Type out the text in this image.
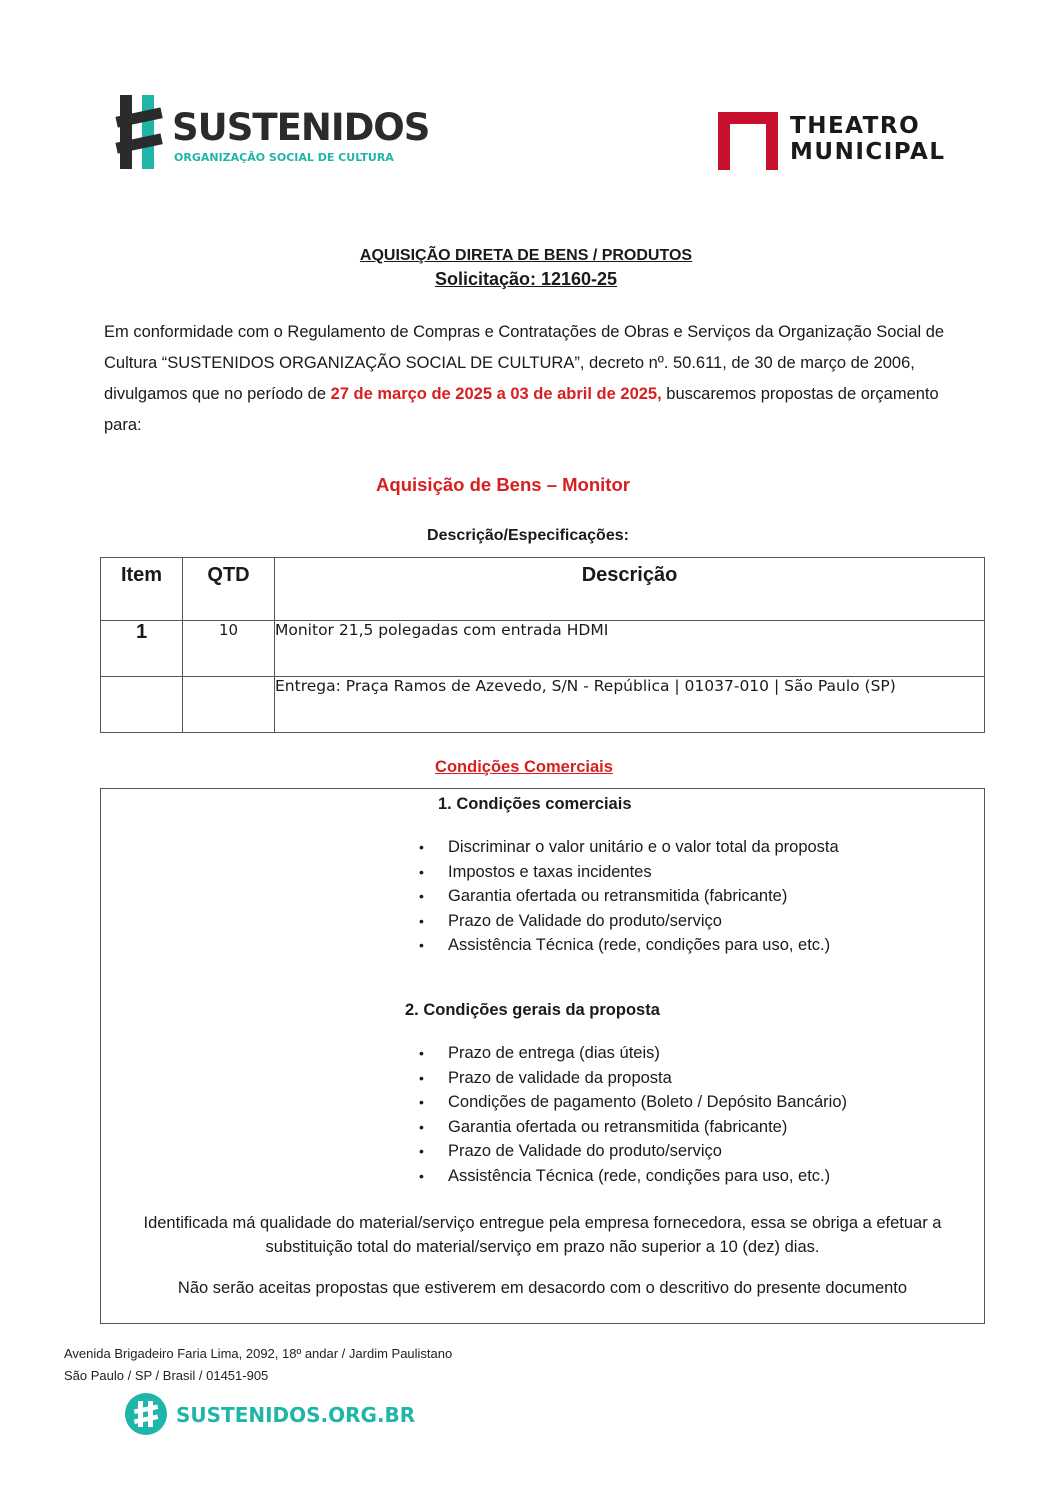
SUSTENIDOS
ORGANIZAÇÃO SOCIAL DE CULTURA
THEATRO
MUNICIPAL
AQUISIÇÃO DIRETA DE BENS / PRODUTOS
Solicitação: 12160-25
Em conformidade com o Regulamento de Compras e Contratações de Obras e Serviços da Organização Social de Cultura “SUSTENIDOS ORGANIZAÇÃO SOCIAL DE CULTURA”, decreto nº. 50.611, de 30 de março de 2006, divulgamos que no período de 27 de março de 2025 a 03 de abril de 2025, buscaremos propostas de orçamento para:
Aquisição de Bens – Monitor
Descrição/Especificações:
Item	QTD	Descrição
1	10	Monitor 21,5 polegadas com entrada HDMI
		Entrega: Praça Ramos de Azevedo, S/N - República | 01037-010 | São Paulo (SP)
Condições Comerciais
1. Condições comerciais
• Discriminar o valor unitário e o valor total da proposta
• Impostos e taxas incidentes
• Garantia ofertada ou retransmitida (fabricante)
• Prazo de Validade do produto/serviço
• Assistência Técnica (rede, condições para uso, etc.)
2. Condições gerais da proposta
• Prazo de entrega (dias úteis)
• Prazo de validade da proposta
• Condições de pagamento (Boleto / Depósito Bancário)
• Garantia ofertada ou retransmitida (fabricante)
• Prazo de Validade do produto/serviço
• Assistência Técnica (rede, condições para uso, etc.)
Identificada má qualidade do material/serviço entregue pela empresa fornecedora, essa se obriga a efetuar a substituição total do material/serviço em prazo não superior a 10 (dez) dias.
Não serão aceitas propostas que estiverem em desacordo com o descritivo do presente documento
Avenida Brigadeiro Faria Lima, 2092, 18º andar / Jardim Paulistano
São Paulo / SP / Brasil / 01451-905
SUSTENIDOS.ORG.BR
